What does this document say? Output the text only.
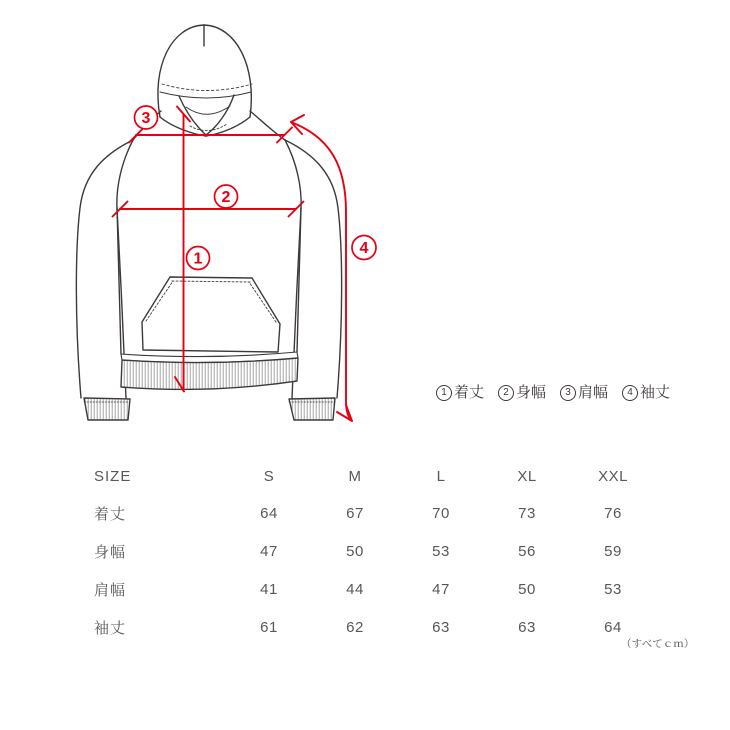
1
2
3
4
1 着丈	2 身幅	3 肩幅	4 袖丈
SIZE	S	M	L	XL	XXL
着丈	64	67	70	73	76
身幅	47	50	53	56	59
肩幅	41	44	47	50	53
袖丈	61	62	63	63	64
（すべてｃｍ）
